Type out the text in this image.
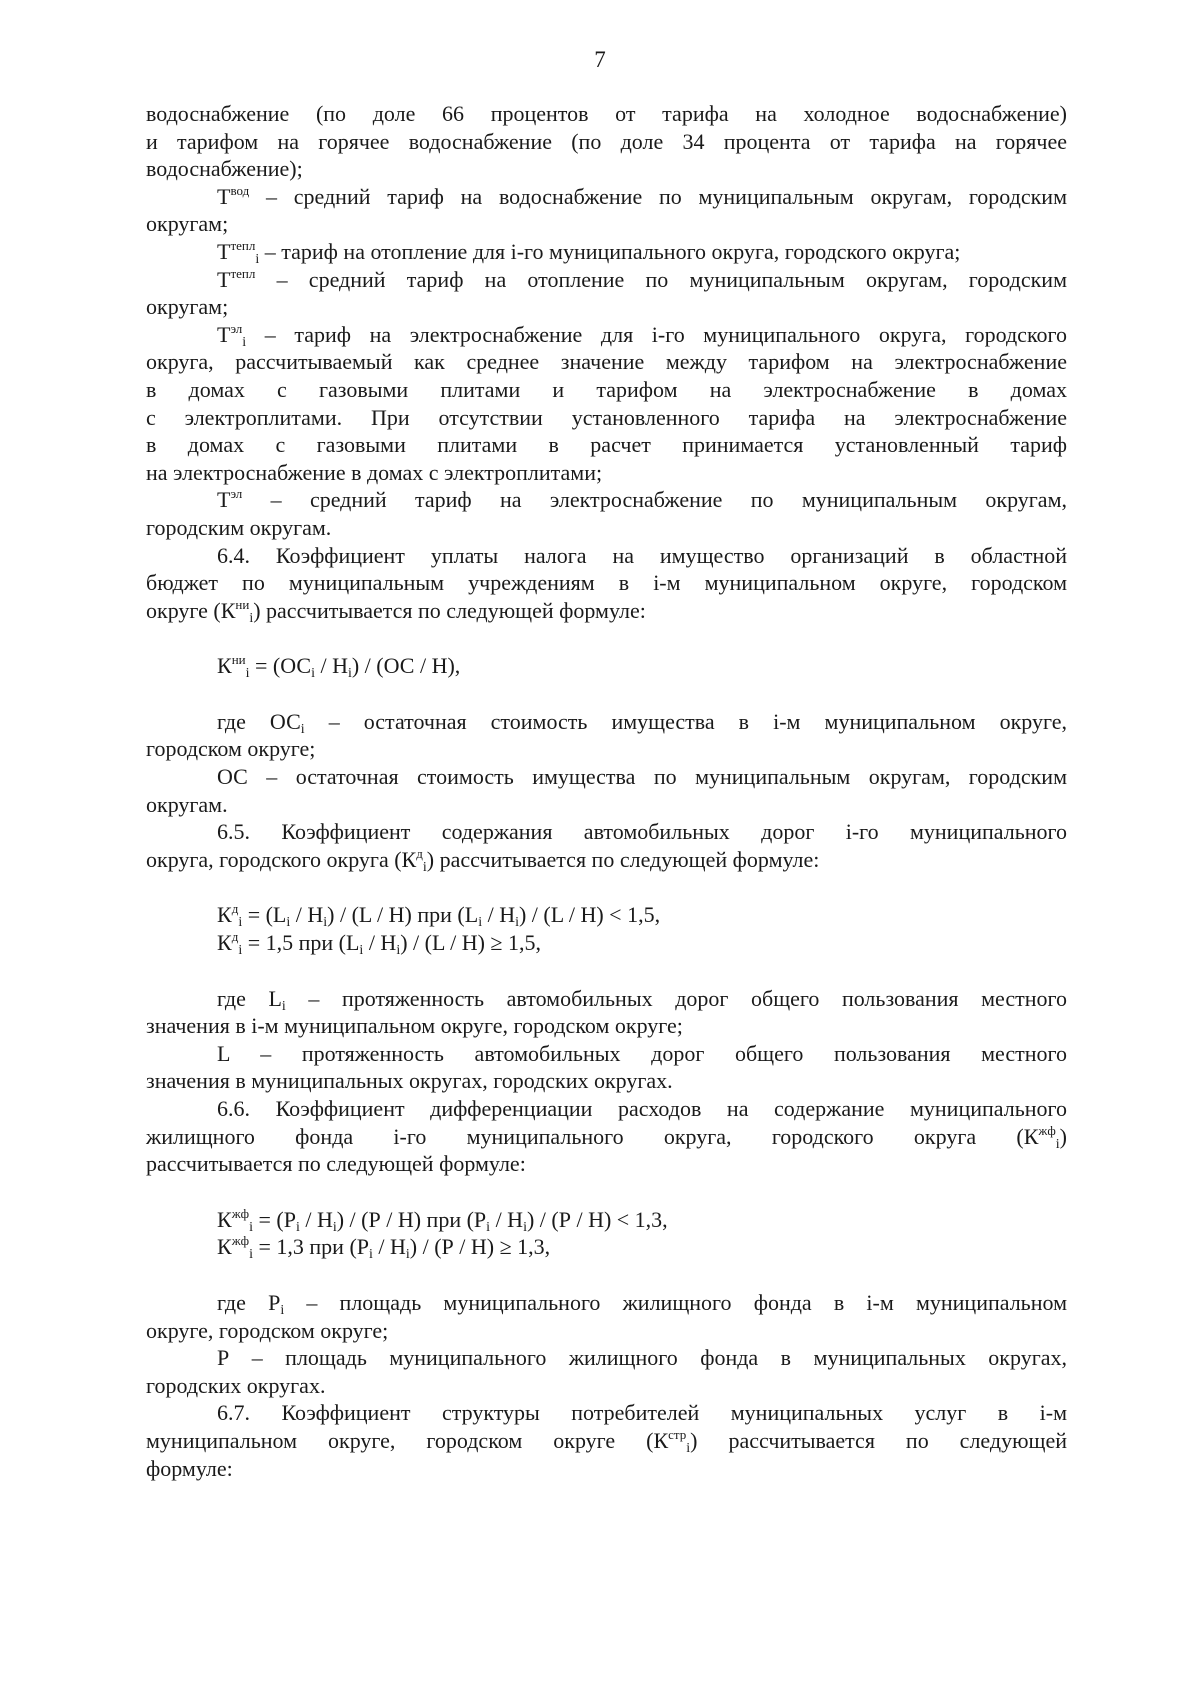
7
водоснабжение (по доле 66 процентов от тарифа на холодное водоснабжение)
и тарифом на горячее водоснабжение (по доле 34 процента от тарифа на горячее
водоснабжение);
$Т^{вод}$ – средний тариф на водоснабжение по муниципальным округам, городским
округам;
$Т^{тепл}i$ – тариф на отопление для i-го муниципального округа, городского округа;
$Т^{тепл}$ – средний тариф на отопление по муниципальным округам, городским
округам;
$Т^{эл}i$ – тариф на электроснабжение для i-го муниципального округа, городского
округа, рассчитываемый как среднее значение между тарифом на электроснабжение
в домах с газовыми плитами и тарифом на электроснабжение в домах
с электроплитами. При отсутствии установленного тарифа на электроснабжение
в домах с газовыми плитами в расчет принимается установленный тариф
на электроснабжение в домах с электроплитами;
$Т^{эл}$ – средний тариф на электроснабжение по муниципальным округам,
городским округам.
6.4. Коэффициент уплаты налога на имущество организаций в областной
бюджет по муниципальным учреждениям в i-м муниципальном округе, городском
округе $(К^{ни}i)$ рассчитывается по следующей формуле:
$К^{ни}i = (ОСi / Нi) / (ОС / Н)$,
где ОСi – остаточная стоимость имущества в i-м муниципальном округе,
городском округе;
ОС – остаточная стоимость имущества по муниципальным округам, городским
округам.
6.5. Коэффициент содержания автомобильных дорог i-го муниципального
округа, городского округа $(К^дi)$ рассчитывается по следующей формуле:
$К^дi = (Li / Нi) / (L / Н)$ при (Li / Нi) / (L / Н) < 1,5,
$К^дi = 1,5$ при (Li / Нi) / (L / Н) ≥ 1,5,
где Li – протяженность автомобильных дорог общего пользования местного
значения в i-м муниципальном округе, городском округе;
L – протяженность автомобильных дорог общего пользования местного
значения в муниципальных округах, городских округах.
6.6. Коэффициент дифференциации расходов на содержание муниципального
жилищного фонда i-го муниципального округа, городского округа $(К^{жф}i)$
рассчитывается по следующей формуле:
$К^{жф}i = (Рi / Нi) / (Р / Н)$ при (Рi / Нi) / (Р / Н) < 1,3,
$К^{жф}i = 1,3$ при (Рi / Нi) / (Р / Н) ≥ 1,3,
где Рi – площадь муниципального жилищного фонда в i-м муниципальном
округе, городском округе;
Р – площадь муниципального жилищного фонда в муниципальных округах,
городских округах.
6.7. Коэффициент структуры потребителей муниципальных услуг в i-м
муниципальном округе, городском округе $(К^{стр}i)$ рассчитывается по следующей
формуле:
